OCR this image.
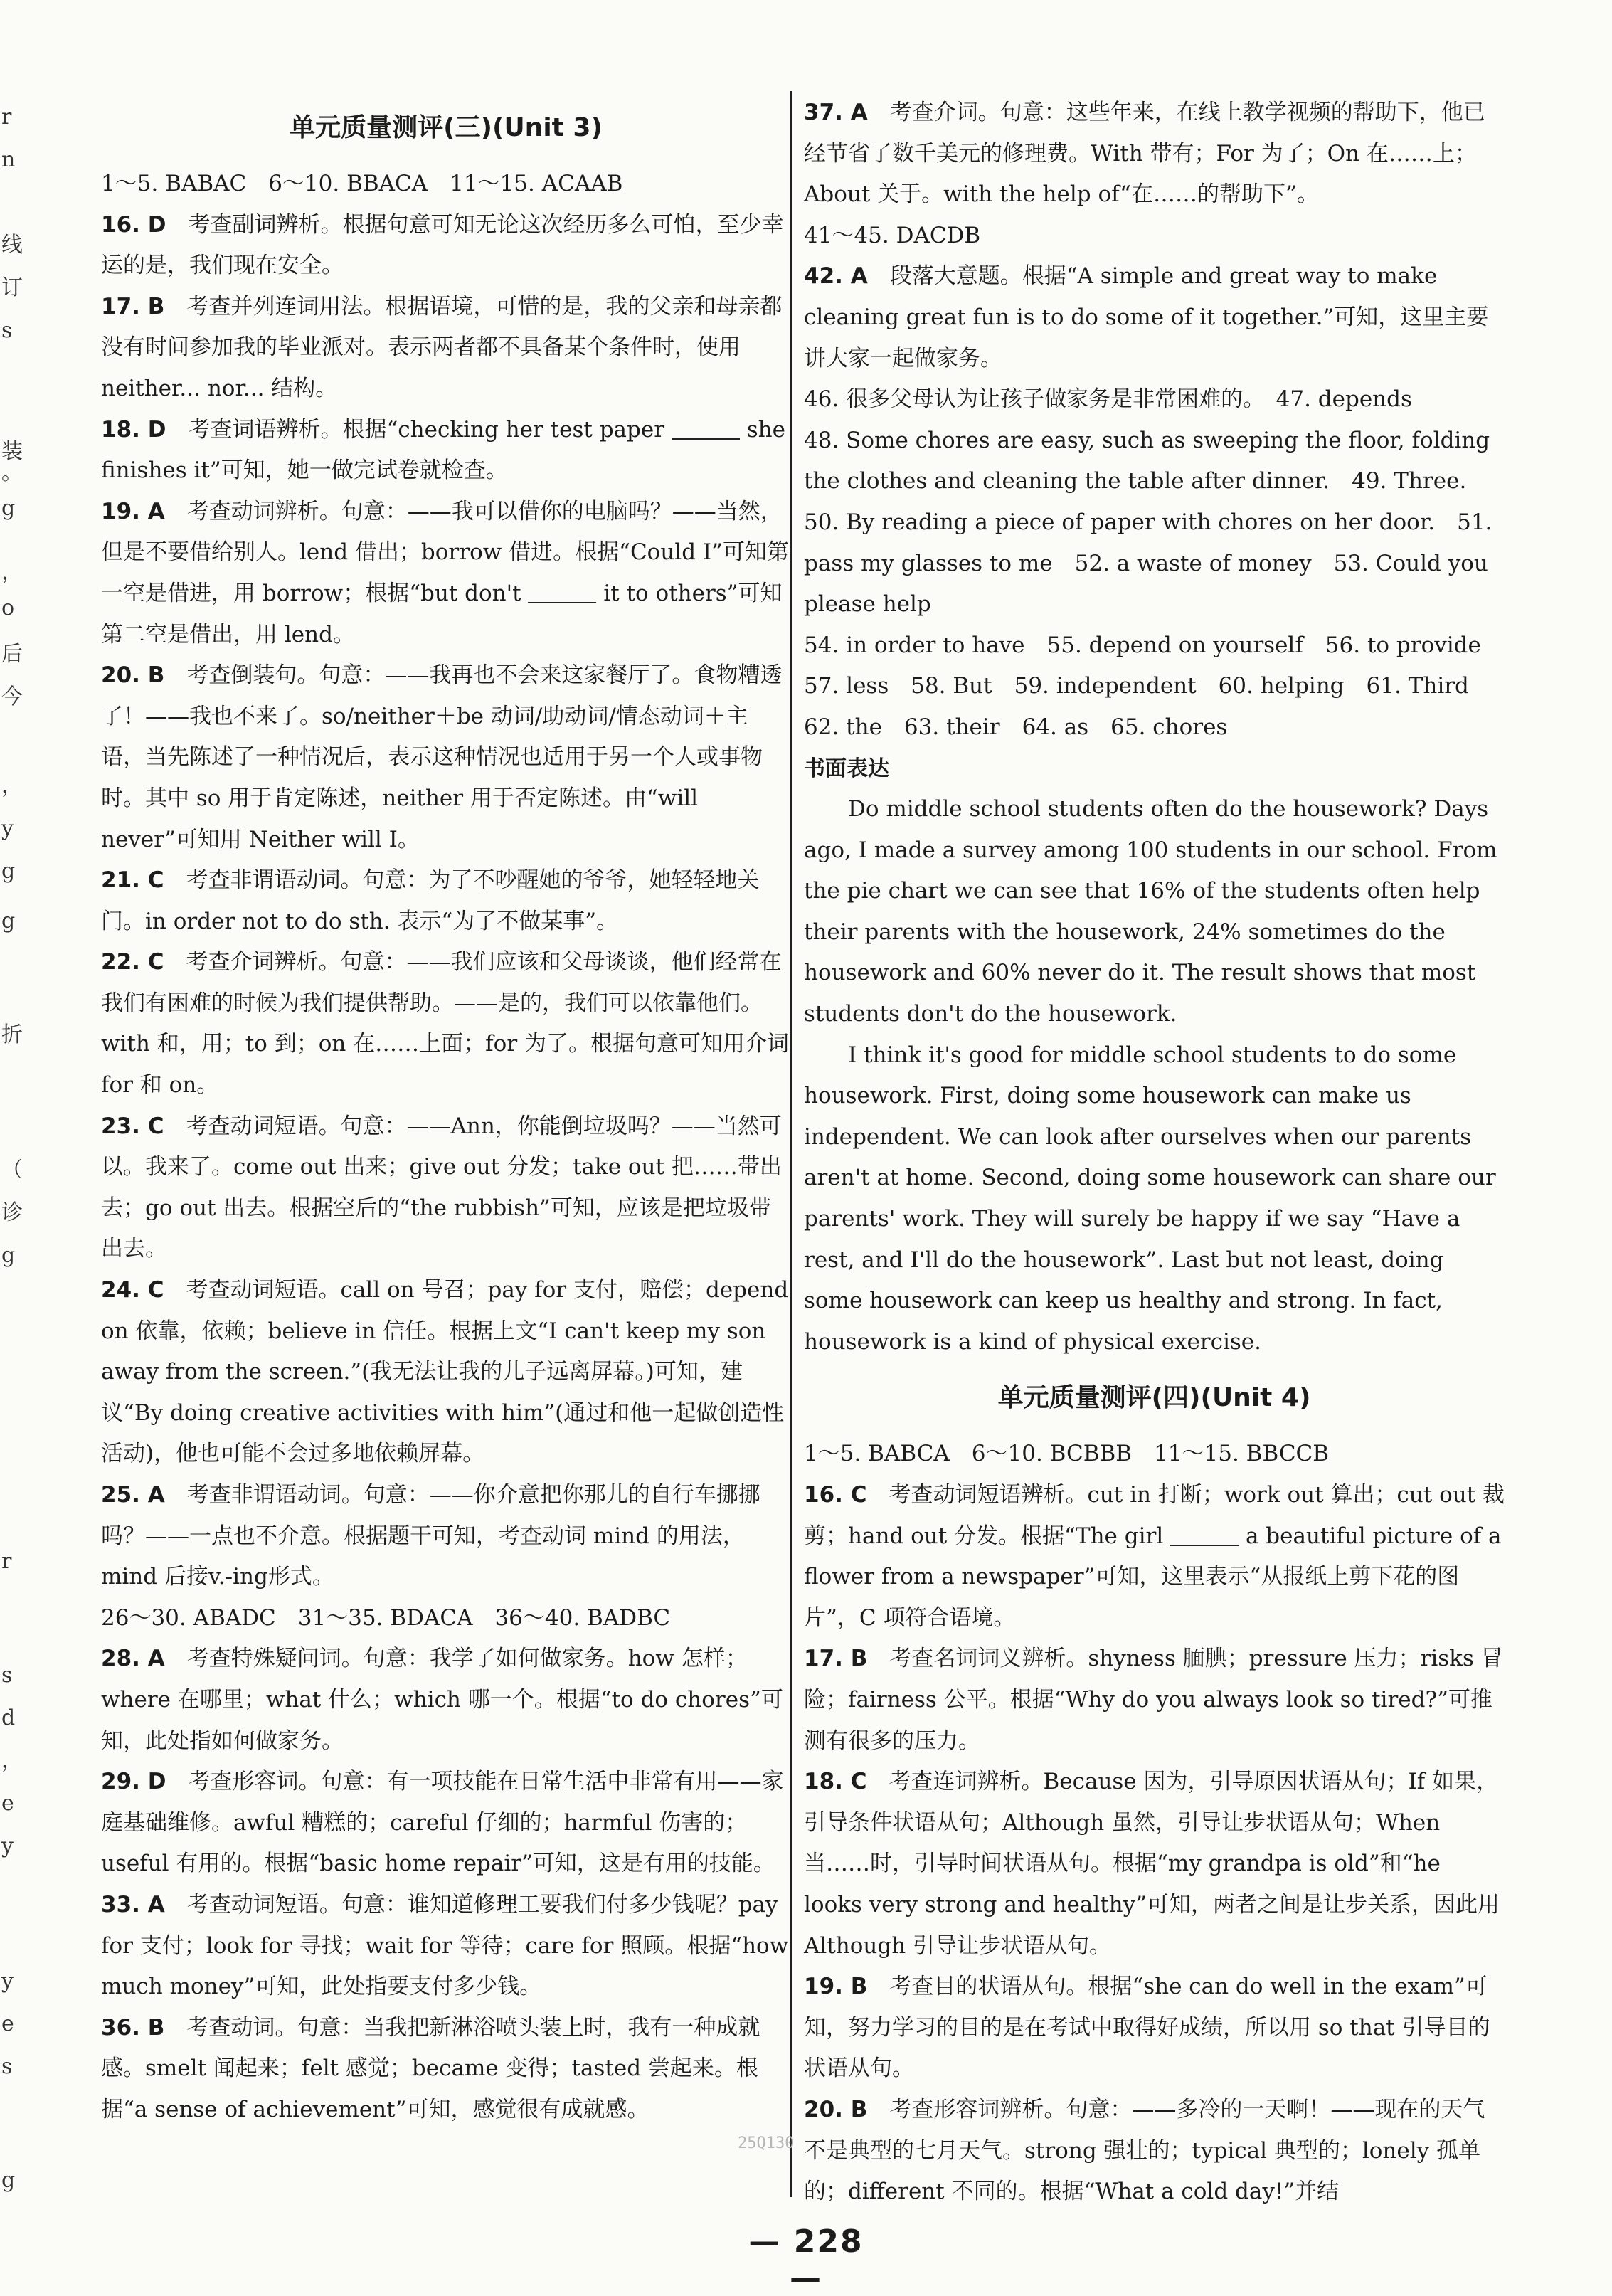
r
n
线
订
s
装
。
g
，
o
后
今
，
y
g
g
折
（
诊
g
r
s
d
，
e
y
y
e
s
g

单元质量测评(三)(Unit 3)

1～5. BABAC　6～10. BBACA　11～15. ACAAB

16. D　 考查副词辨析。根据句意可知无论这次经历多么可怕，至少幸运的是，我们现在安全。

17. B　 考查并列连词用法。根据语境，可惜的是，我的父亲和母亲都没有时间参加我的毕业派对。表示两者都不具备某个条件时，使用 neither... nor... 结构。

18. D　 考查词语辨析。根据“checking her test paper	she finishes it”可知，她一做完试卷就检查。

19. A　 考查动词辨析。句意：——我可以借你的电脑吗？——当然，但是不要借给别人。lend 借出；borrow 借进。根据“Could I”可知第一空是借进，用 borrow；根据“but don't	it to others”可知第二空是借出，用 lend。

20. B　 考查倒装句。句意：——我再也不会来这家餐厅了。食物糟透了！——我也不来了。so/neither＋be 动词/助动词/情态动词＋主语，当先陈述了一种情况后，表示这种情况也适用于另一个人或事物时。其中 so 用于肯定陈述，neither 用于否定陈述。由“will never”可知用 Neither will I。

21. C　 考查非谓语动词。句意：为了不吵醒她的爷爷，她轻轻地关门。in order not to do sth. 表示“为了不做某事”。

22. C　 考查介词辨析。句意：——我们应该和父母谈谈，他们经常在我们有困难的时候为我们提供帮助。——是的，我们可以依靠他们。with 和，用；to 到；on 在……上面；for 为了。根据句意可知用介词 for 和 on。

23. C　 考查动词短语。句意：——Ann，你能倒垃圾吗？——当然可以。我来了。come out 出来；give out 分发；take out 把……带出去；go out 出去。根据空后的“the rubbish”可知，应该是把垃圾带出去。

24. C　 考查动词短语。call on 号召；pay for 支付，赔偿；depend on 依靠，依赖；believe in 信任。根据上文“I can't keep my son away from the screen.”(我无法让我的儿子远离屏幕。)可知，建议“By doing creative activities with him”(通过和他一起做创造性活动)，他也可能不会过多地依赖屏幕。

25. A　 考查非谓语动词。句意：——你介意把你那儿的自行车挪挪吗？——一点也不介意。根据题干可知，考查动词 mind 的用法，mind 后接v.-ing形式。

26～30. ABADC　31～35. BDACA　36～40. BADBC

28. A　 考查特殊疑问词。句意：我学了如何做家务。how 怎样；where 在哪里；what 什么；which 哪一个。根据“to do chores”可知，此处指如何做家务。

29. D　 考查形容词。句意：有一项技能在日常生活中非常有用——家庭基础维修。awful 糟糕的；careful 仔细的；harmful 伤害的；useful 有用的。根据“basic home repair”可知，这是有用的技能。

33. A　 考查动词短语。句意：谁知道修理工要我们付多少钱呢？pay for 支付；look for 寻找；wait for 等待；care for 照顾。根据“how much money”可知，此处指要支付多少钱。

36. B　 考查动词。句意：当我把新淋浴喷头装上时，我有一种成就感。smelt 闻起来；felt 感觉；became 变得；tasted 尝起来。根据“a sense of achievement”可知，感觉很有成就感。

37. A　 考查介词。句意：这些年来，在线上教学视频的帮助下，他已经节省了数千美元的修理费。With 带有；For 为了；On 在……上；About 关于。with the help of“在……的帮助下”。

41～45. DACDB

42. A　 段落大意题。根据“A simple and great way to make cleaning great fun is to do some of it together.”可知，这里主要讲大家一起做家务。

46. 很多父母认为让孩子做家务是非常困难的。　47. depends

48. Some chores are easy, such as sweeping the floor, folding the clothes and cleaning the table after dinner.　49. Three.　50. By reading a piece of paper with chores on her door.　51. pass my glasses to me　52. a waste of money　53. Could you please help

54. in order to have　55. depend on yourself　56. to provide

57. less　58. But　59. independent　60. helping　61. Third

62. the　63. their　64. as　65. chores

书面表达

Do middle school students often do the housework? Days ago, I made a survey among 100 students in our school. From the pie chart we can see that 16% of the students often help their parents with the housework, 24% sometimes do the housework and 60% never do it. The result shows that most students don't do the housework.

I think it's good for middle school students to do some housework. First, doing some housework can make us independent. We can look after ourselves when our parents aren't at home. Second, doing some housework can share our parents' work. They will surely be happy if we say “Have a rest, and I'll do the housework”. Last but not least, doing some housework can keep us healthy and strong. In fact, housework is a kind of physical exercise.

单元质量测评(四)(Unit 4)

1～5. BABCA　6～10. BCBBB　11～15. BBCCB

16. C　 考查动词短语辨析。cut in 打断；work out 算出；cut out 裁剪；hand out 分发。根据“The girl	a beautiful picture of a flower from a newspaper”可知，这里表示“从报纸上剪下花的图片”，C 项符合语境。

17. B　 考查名词词义辨析。shyness 腼腆；pressure 压力；risks 冒险；fairness 公平。根据“Why do you always look so tired?”可推测有很多的压力。

18. C　 考查连词辨析。Because 因为，引导原因状语从句；If 如果，引导条件状语从句；Although 虽然，引导让步状语从句；When 当……时，引导时间状语从句。根据“my grandpa is old”和“he looks very strong and healthy”可知，两者之间是让步关系，因此用 Although 引导让步状语从句。

19. B　 考查目的状语从句。根据“she can do well in the exam”可知，努力学习的目的是在考试中取得好成绩，所以用 so that 引导目的状语从句。

20. B　 考查形容词辨析。句意：——多冷的一天啊！——现在的天气不是典型的七月天气。strong 强壮的；typical 典型的；lonely 孤单的；different 不同的。根据“What a cold day!”并结

25Q130
— 228 —
